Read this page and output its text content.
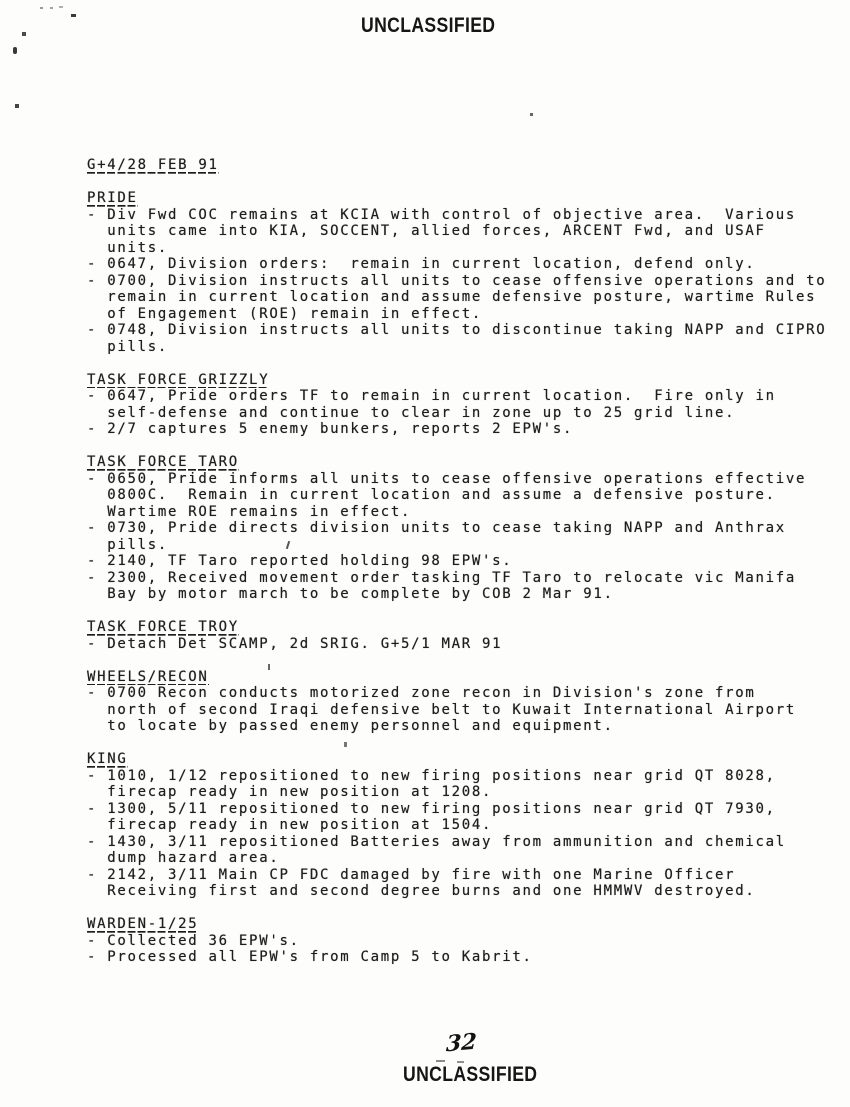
UNCLASSIFIED
G+4/28 FEB 91
PRIDE
- Div Fwd COC remains at KCIA with control of objective area.  Various
units came into KIA, SOCCENT, allied forces, ARCENT Fwd, and USAF
units.
- 0647, Division orders:  remain in current location, defend only.
- 0700, Division instructs all units to cease offensive operations and to
remain in current location and assume defensive posture, wartime Rules
of Engagement (ROE) remain in effect.
- 0748, Division instructs all units to discontinue taking NAPP and CIPRO
pills.
TASK FORCE GRIZZLY
- 0647, Pride orders TF to remain in current location.  Fire only in
self-defense and continue to clear in zone up to 25 grid line.
- 2/7 captures 5 enemy bunkers, reports 2 EPW's.
TASK FORCE TARO
- 0650, Pride informs all units to cease offensive operations effective
0800C.  Remain in current location and assume a defensive posture.
Wartime ROE remains in effect.
- 0730, Pride directs division units to cease taking NAPP and Anthrax
pills.
- 2140, TF Taro reported holding 98 EPW's.
- 2300, Received movement order tasking TF Taro to relocate vic Manifa
Bay by motor march to be complete by COB 2 Mar 91.
TASK FORCE TROY
- Detach Det SCAMP, 2d SRIG. G+5/1 MAR 91
WHEELS/RECON
- 0700 Recon conducts motorized zone recon in Division's zone from
north of second Iraqi defensive belt to Kuwait International Airport
to locate by passed enemy personnel and equipment.
KING
- 1010, 1/12 repositioned to new firing positions near grid QT 8028,
firecap ready in new position at 1208.
- 1300, 5/11 repositioned to new firing positions near grid QT 7930,
firecap ready in new position at 1504.
- 1430, 3/11 repositioned Batteries away from ammunition and chemical
dump hazard area.
- 2142, 3/11 Main CP FDC damaged by fire with one Marine Officer
Receiving first and second degree burns and one HMMWV destroyed.
WARDEN-1/25
- Collected 36 EPW's.
- Processed all EPW's from Camp 5 to Kabrit.
32
UNCLASSIFIED
